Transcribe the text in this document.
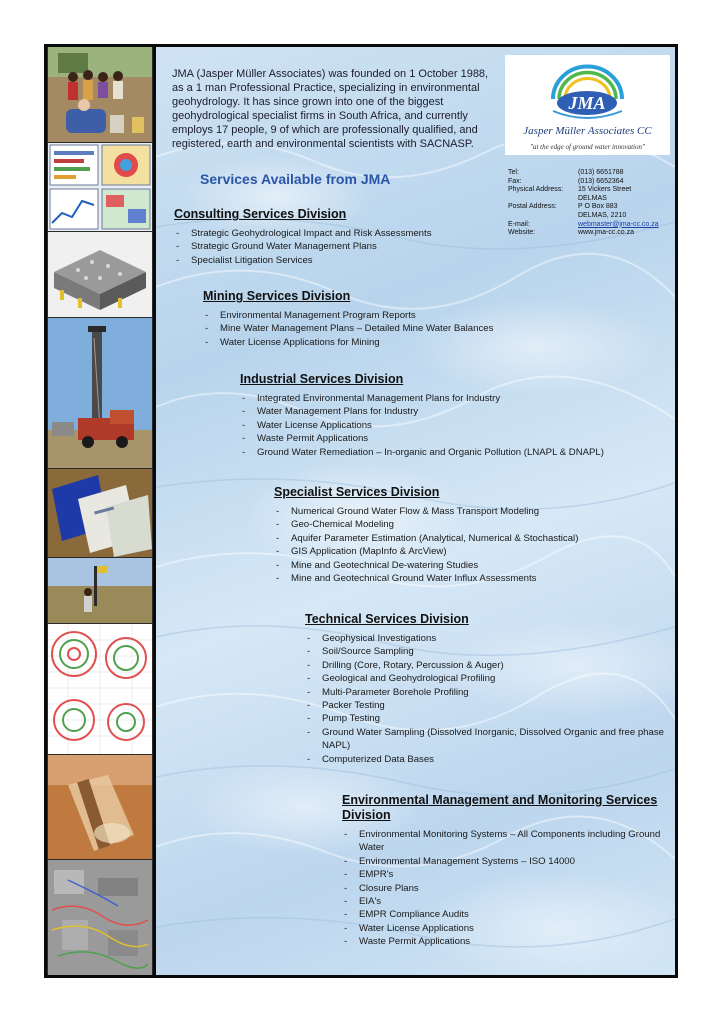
JMA (Jasper Müller Associates) was founded on 1 October 1988, as a 1 man Professional Practice, specializing in environmental geohydrology. It has since grown into one of the biggest geohydrological specialist firms in South Africa, and currently employs 17 people, 9 of which are professionally qualified, and registered, earth and environmental scientists with SACNASP.
JMA
Jasper Müller Associates CC
"at the edge of ground water innovation"
Tel:	(013) 6651788
Fax:	(013) 6652364
Physical Address:	15 Vickers Street
DELMAS
Postal Address:	P O Box 883
DELMAS, 2210
E-mail:	webmaster@jma-cc.co.za
Website:	www.jma-cc.co.za
Services Available from JMA
Consulting Services Division
- Strategic Geohydrological Impact and Risk Assessments
- Strategic Ground Water Management Plans
- Specialist Litigation Services
Mining Services Division
- Environmental Management Program Reports
- Mine Water Management Plans – Detailed Mine Water Balances
- Water License Applications for Mining
Industrial Services Division
- Integrated Environmental Management Plans for Industry
- Water Management Plans for Industry
- Water License Applications
- Waste Permit Applications
- Ground Water Remediation – In-organic and Organic Pollution (LNAPL & DNAPL)
Specialist Services Division
- Numerical Ground Water Flow & Mass Transport Modeling
- Geo-Chemical Modeling
- Aquifer Parameter Estimation (Analytical, Numerical & Stochastical)
- GIS Application (MapInfo & ArcView)
- Mine and Geotechnical De-watering Studies
- Mine and Geotechnical Ground Water Influx Assessments
Technical Services Division
- Geophysical Investigations
- Soil/Source Sampling
- Drilling (Core, Rotary, Percussion & Auger)
- Geological and Geohydrological Profiling
- Multi-Parameter Borehole Profiling
- Packer Testing
- Pump Testing
- Ground Water Sampling (Dissolved Inorganic, Dissolved Organic and free phase NAPL)
- Computerized Data Bases
Environmental Management and Monitoring Services Division
- Environmental Monitoring Systems – All Components including Ground Water
- Environmental Management Systems – ISO 14000
- EMPR's
- Closure Plans
- EIA's
- EMPR Compliance Audits
- Water License Applications
- Waste Permit Applications
